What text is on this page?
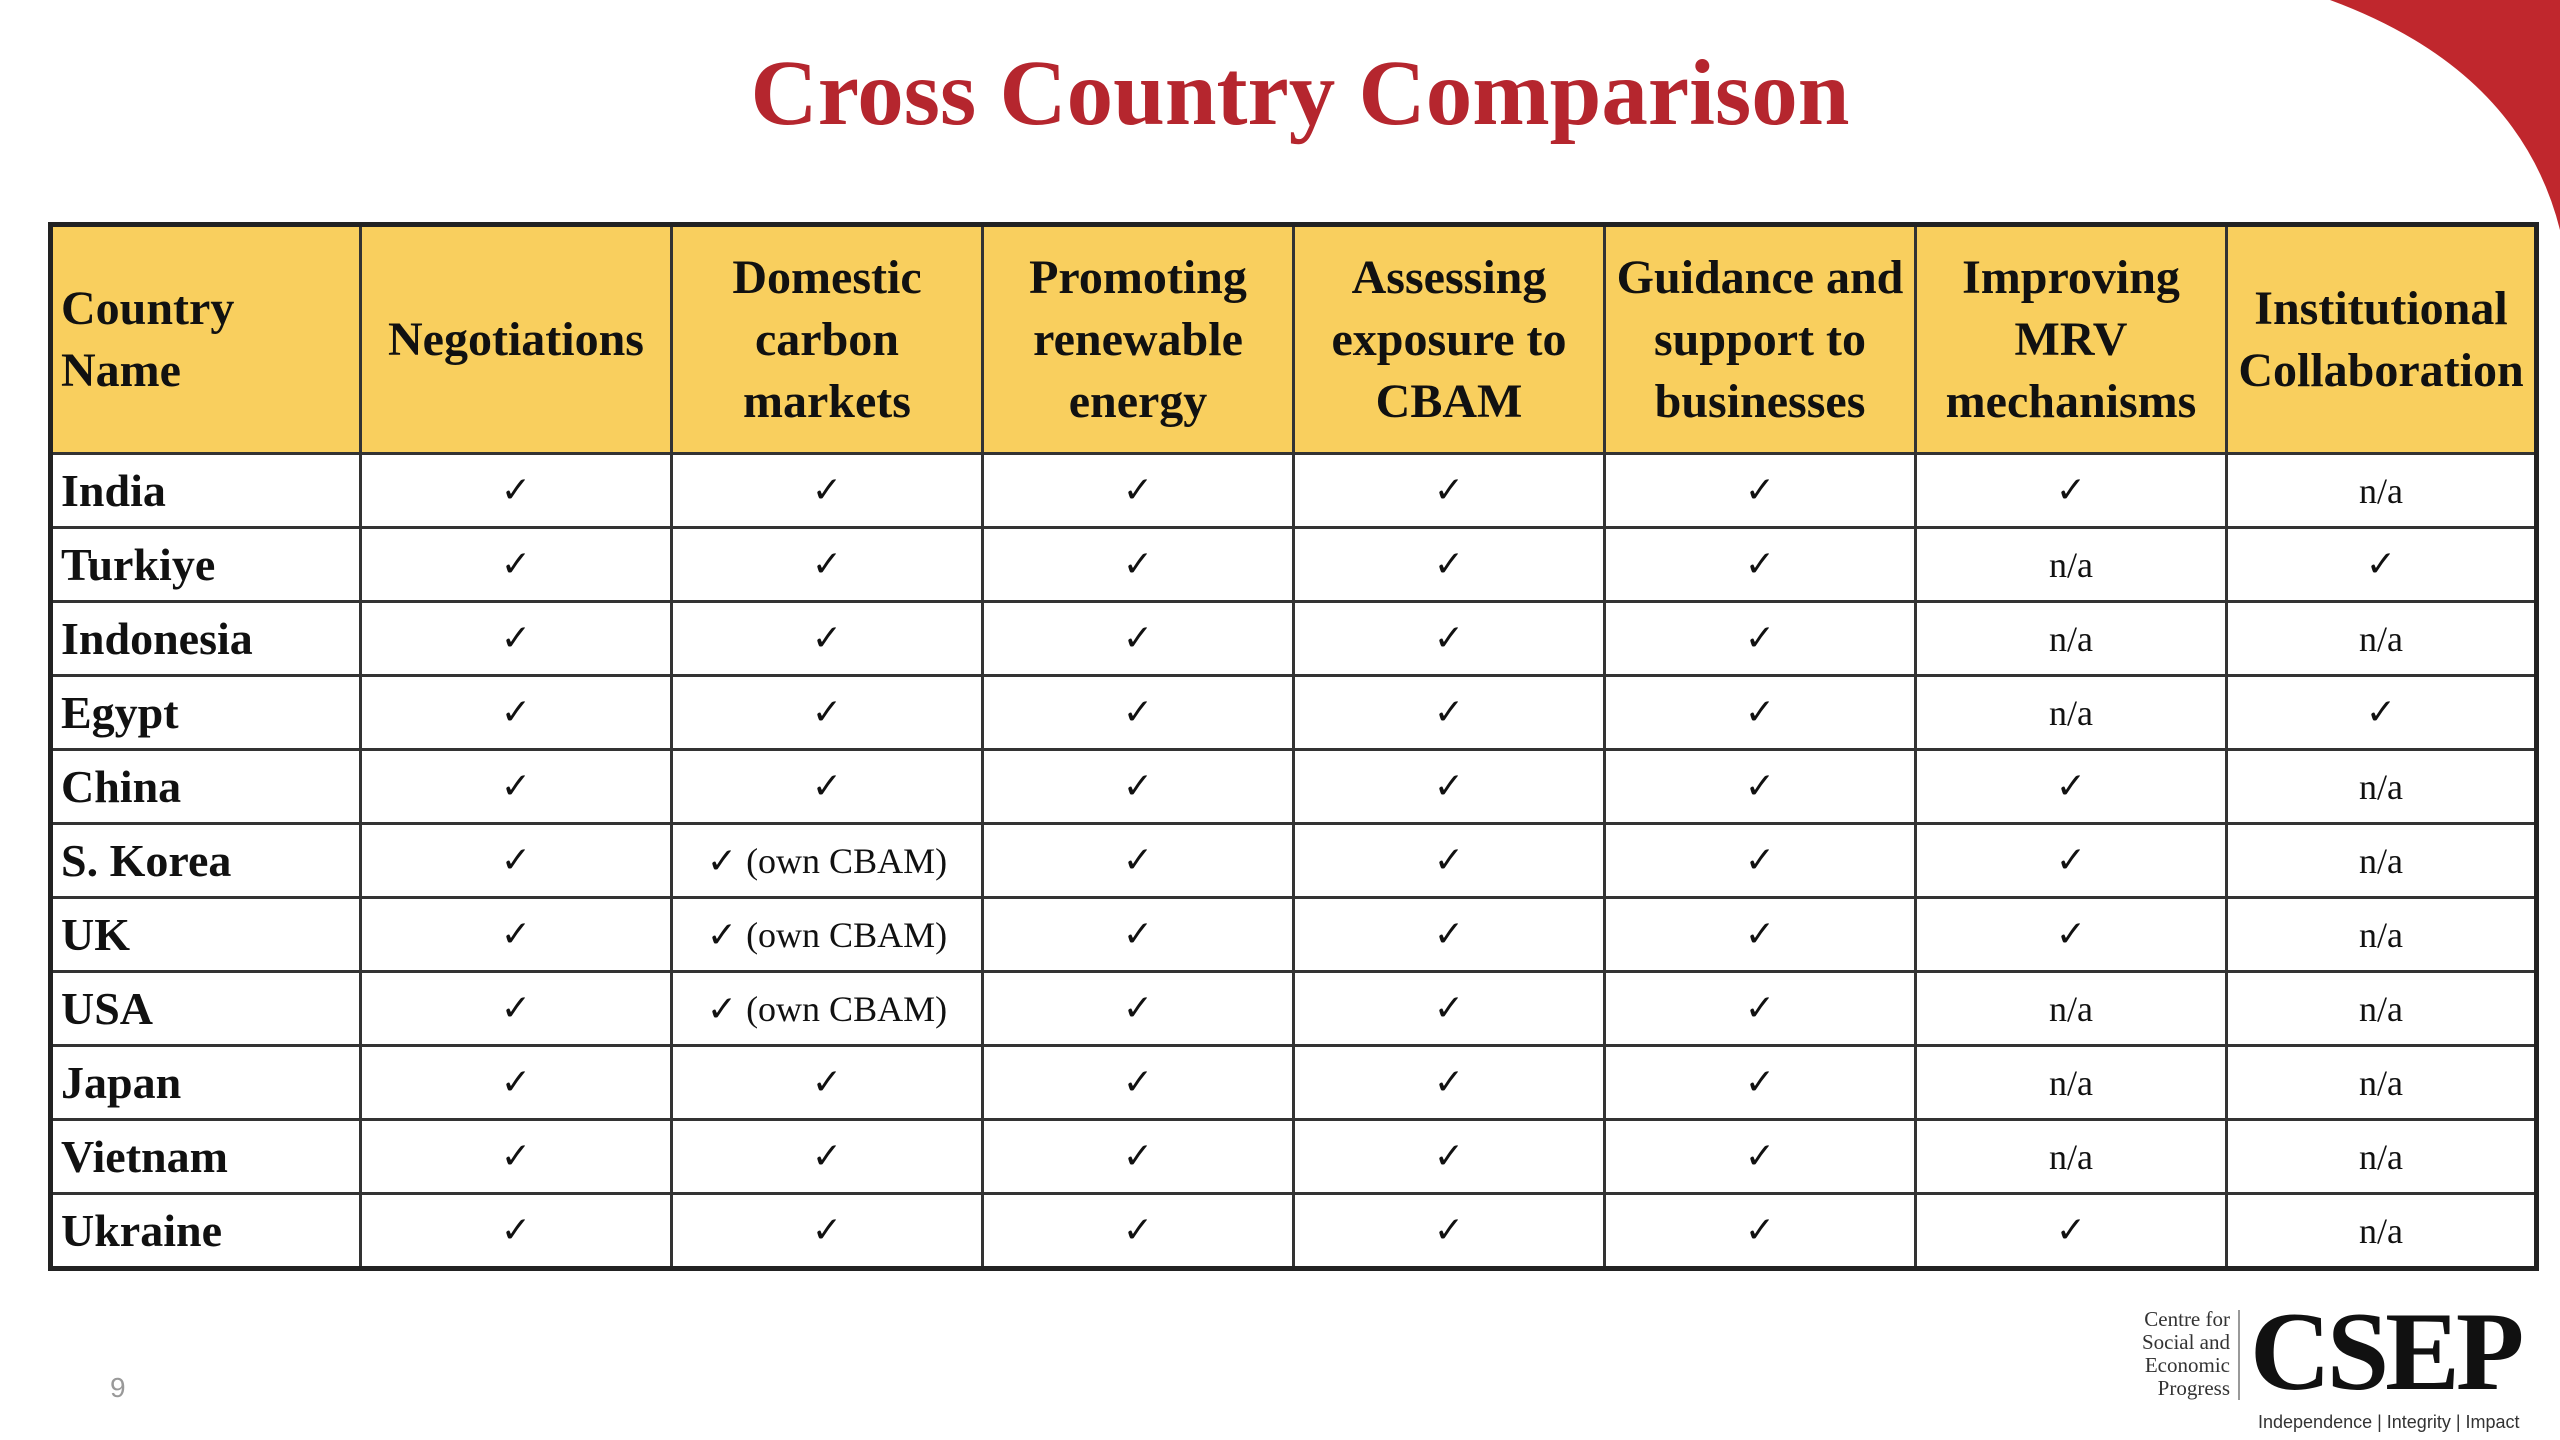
Cross Country Comparison
Country
Name	Negotiations	Domestic
carbon
markets	Promoting
renewable
energy	Assessing
exposure to
CBAM	Guidance and
support to
businesses	Improving
MRV
mechanisms	Institutional
Collaboration
India	✓	✓	✓	✓	✓	✓	n/a
Turkiye	✓	✓	✓	✓	✓	n/a	✓
Indonesia	✓	✓	✓	✓	✓	n/a	n/a
Egypt	✓	✓	✓	✓	✓	n/a	✓
China	✓	✓	✓	✓	✓	✓	n/a
S. Korea	✓	✓ (own CBAM)	✓	✓	✓	✓	n/a
UK	✓	✓ (own CBAM)	✓	✓	✓	✓	n/a
USA	✓	✓ (own CBAM)	✓	✓	✓	n/a	n/a
Japan	✓	✓	✓	✓	✓	n/a	n/a
Vietnam	✓	✓	✓	✓	✓	n/a	n/a
Ukraine	✓	✓	✓	✓	✓	✓	n/a
9
Centre for
Social and
Economic
Progress CSEP
Independence | Integrity | Impact
